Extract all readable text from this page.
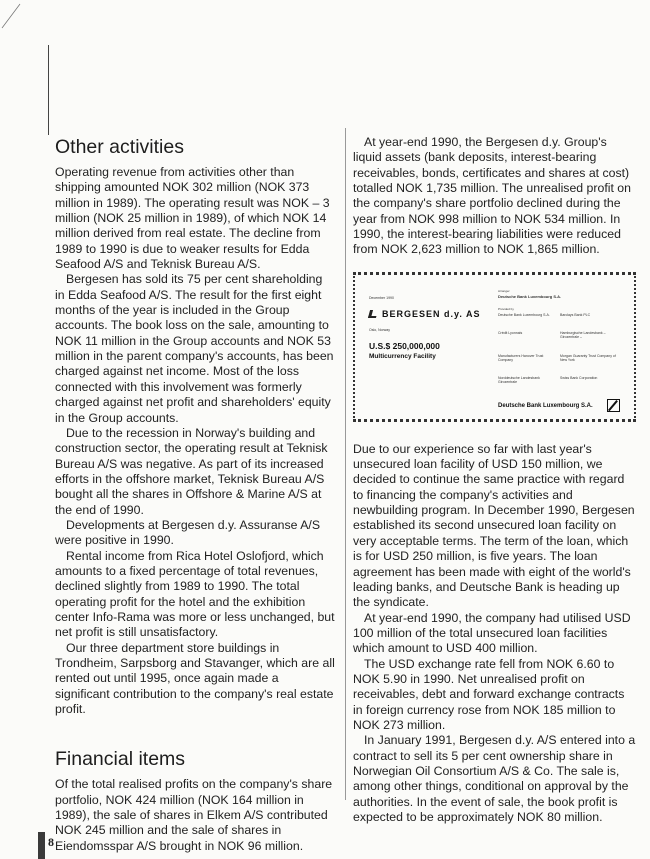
Other activities

Operating revenue from activities other than shipping amounted NOK 302 million (NOK 373 million in 1989). The operating result was NOK – 3 million (NOK 25 million in 1989), of which NOK 14 million derived from real estate. The decline from 1989 to 1990 is due to weaker results for Edda Seafood A/S and Teknisk Bureau A/S.

Bergesen has sold its 75 per cent shareholding in Edda Seafood A/S. The result for the first eight months of the year is included in the Group accounts. The book loss on the sale, amounting to NOK 11 million in the Group accounts and NOK 53 million in the parent company's accounts, has been charged against net income. Most of the loss connected with this involvement was formerly charged against net profit and shareholders' equity in the Group accounts.

Due to the recession in Norway's building and construction sector, the operating result at Teknisk Bureau A/S was negative. As part of its increased efforts in the offshore market, Teknisk Bureau A/S bought all the shares in Offshore & Marine A/S at the end of 1990.

Developments at Bergesen d.y. Assuranse A/S were positive in 1990.

Rental income from Rica Hotel Oslofjord, which amounts to a fixed percentage of total revenues, declined slightly from 1989 to 1990. The total operating profit for the hotel and the exhibition center Info-Rama was more or less unchanged, but net profit is still unsatisfactory.

Our three department store buildings in Trondheim, Sarpsborg and Stavanger, which are all rented out until 1995, once again made a significant contribution to the company's real estate profit.

Financial items

Of the total realised profits on the company's share portfolio, NOK 424 million (NOK 164 million in 1989), the sale of shares in Elkem A/S contributed NOK 245 million and the sale of shares in Eiendomsspar A/S brought in NOK 96 million.

At year-end 1990, the Bergesen d.y. Group's liquid assets (bank deposits, interest-bearing receivables, bonds, certificates and shares at cost) totalled NOK 1,735 million. The unrealised profit on the company's share portfolio declined during the year from NOK 998 million to NOK 534 million. In 1990, the interest-bearing liabilities were reduced from NOK 2,623 million to NOK 1,865 million.

December 1990
BERGESEN d.y. AS
Oslo, Norway
U.S.$ 250,000,000
Multicurrency Facility
Arranger
Deutsche Bank Luxembourg S.A.
Provided by
Deutsche Bank Luxembourg S.A.	Barclays Bank PLC
Crédit Lyonnais	Hamburgische Landesbank – Girozentrale –
Manufacturers Hanover Trust Company
Morgan Guaranty Trust Company of New York
Norddeutsche Landesbank Girozentrale
Swiss Bank Corporation
Deutsche Bank Luxembourg S.A.

Due to our experience so far with last year's unsecured loan facility of USD 150 million, we decided to continue the same practice with regard to financing the company's activities and newbuilding program. In December 1990, Bergesen established its second unsecured loan facility on very acceptable terms. The term of the loan, which is for USD 250 million, is five years. The loan agreement has been made with eight of the world's leading banks, and Deutsche Bank is heading up the syndicate.

At year-end 1990, the company had utilised USD 100 million of the total unsecured loan facilities which amount to USD 400 million.

The USD exchange rate fell from NOK 6.60 to NOK 5.90 in 1990. Net unrealised profit on receivables, debt and forward exchange contracts in foreign currency rose from NOK 185 million to NOK 273 million.

In January 1991, Bergesen d.y. A/S entered into a contract to sell its 5 per cent ownership share in Norwegian Oil Consortium A/S & Co. The sale is, among other things, conditional on approval by the authorities. In the event of sale, the book profit is expected to be approximately NOK 80 million.

8
